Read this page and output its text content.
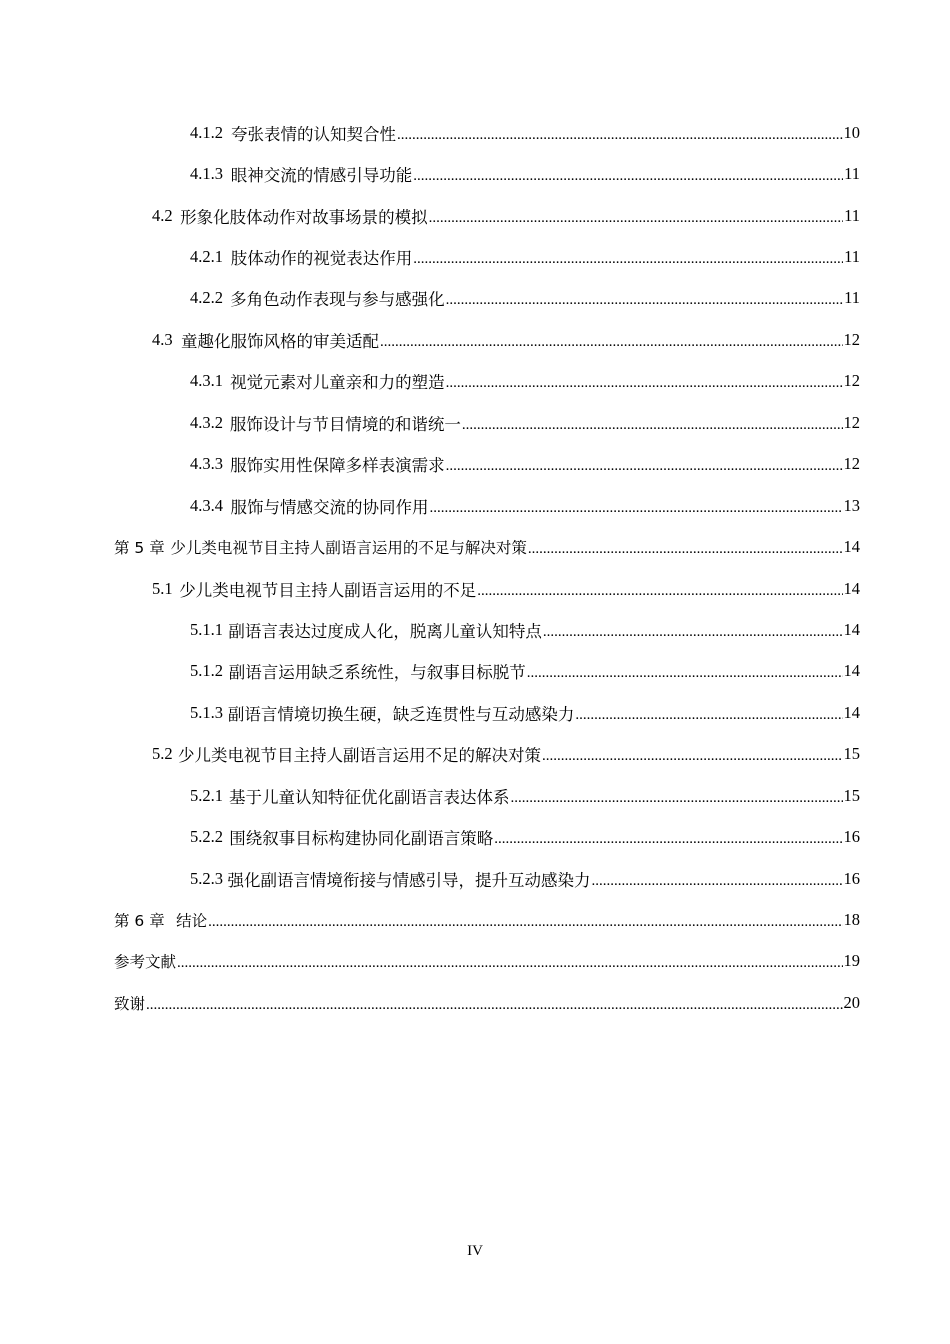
4.1.2 夸张表情的认知契合性 .....	10
4.1.3 眼神交流的情感引导功能 .....	11
4.2 形象化肢体动作对故事场景的模拟 .....	11
4.2.1 肢体动作的视觉表达作用 .....	11
4.2.2 多角色动作表现与参与感强化 .....	11
4.3 童趣化服饰风格的审美适配 .....	12
4.3.1 视觉元素对儿童亲和力的塑造 .....	12
4.3.2 服饰设计与节目情境的和谐统一 .....	12
4.3.3 服饰实用性保障多样表演需求 .....	12
4.3.4 服饰与情感交流的协同作用 .....	13
第 5 章 少儿类电视节目主持人副语言运用的不足与解决对策 .....	14
5.1 少儿类电视节目主持人副语言运用的不足 .....	14
5.1.1 副语言表达过度成人化，脱离儿童认知特点 .....	14
5.1.2 副语言运用缺乏系统性，与叙事目标脱节 .....	14
5.1.3 副语言情境切换生硬，缺乏连贯性与互动感染力 .....	14
5.2 少儿类电视节目主持人副语言运用不足的解决对策 .....	15
5.2.1 基于儿童认知特征优化副语言表达体系 .....	15
5.2.2 围绕叙事目标构建协同化副语言策略 .....	16
5.2.3 强化副语言情境衔接与情感引导，提升互动感染力 .....	16
第 6 章 结论 .....	18
参考文献 .....	19
致谢 .....	20
IV
